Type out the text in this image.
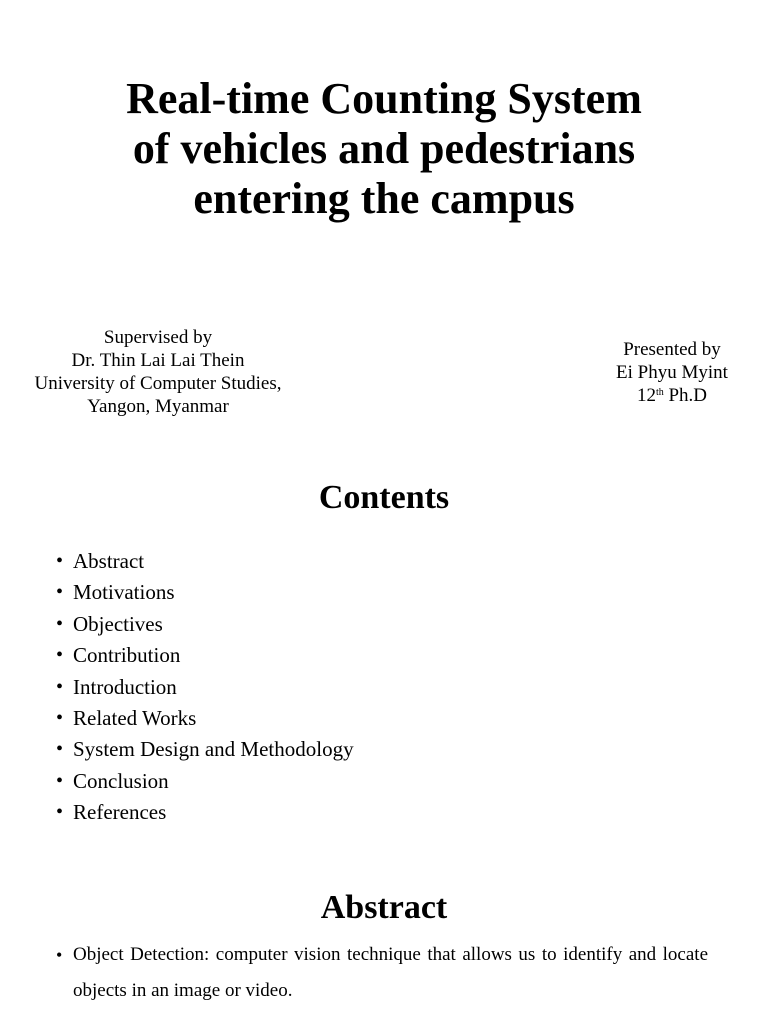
Real-time Counting System
of vehicles and pedestrians
entering the campus
Supervised by
Dr. Thin Lai Lai Thein
University of Computer Studies,
Yangon, Myanmar
Presented by
Ei Phyu Myint
12th Ph.D
Contents
• Abstract
• Motivations
• Objectives
• Contribution
• Introduction
• Related Works
• System Design and Methodology
• Conclusion
• References
Abstract
• Object Detection: computer vision technique that allows us to identify and locate objects in an image or video.
